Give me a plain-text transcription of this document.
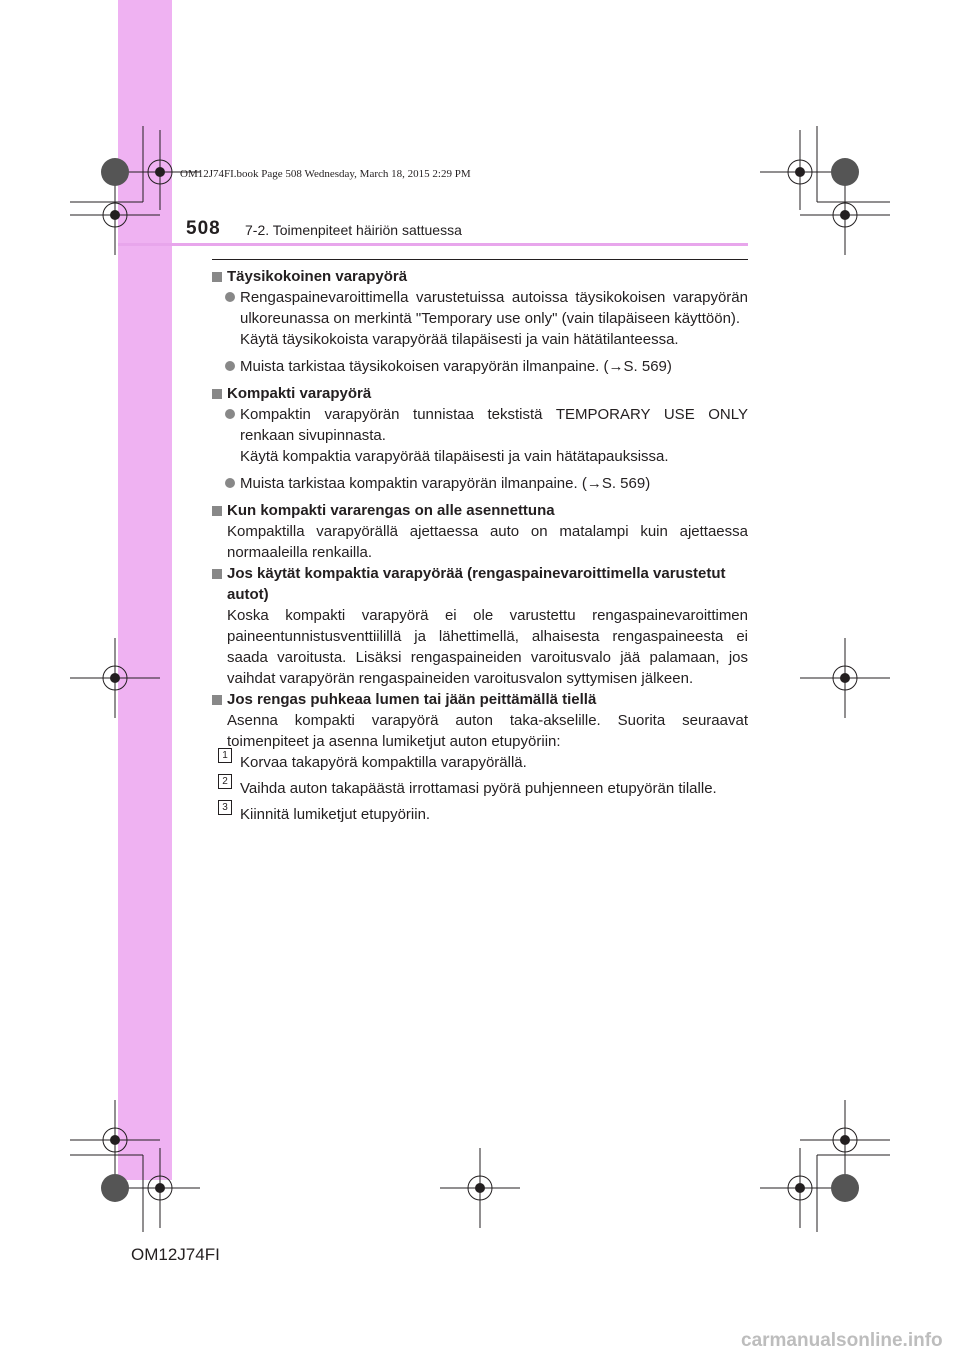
OM12J74FI.book Page 508 Wednesday, March 18, 2015 2:29 PM
508 7-2. Toimenpiteet häiriön sattuessa

Täysikokoinen varapyörä

Rengaspainevaroittimella varustetuissa autoissa täysikokoisen varapyörän ulkoreunassa on merkintä "Temporary use only" (vain tilapäiseen käyttöön).

Käytä täysikokoista varapyörää tilapäisesti ja vain hätätilanteessa.

Muista tarkistaa täysikokoisen varapyörän ilmanpaine. (→S. 569)

Kompakti varapyörä

Kompaktin varapyörän tunnistaa tekstistä TEMPORARY USE ONLY renkaan sivupinnasta.

Käytä kompaktia varapyörää tilapäisesti ja vain hätätapauksissa.

Muista tarkistaa kompaktin varapyörän ilmanpaine. (→S. 569)

Kun kompakti vararengas on alle asennettuna

Kompaktilla varapyörällä ajettaessa auto on matalampi kuin ajettaessa normaaleilla renkailla.

Jos käytät kompaktia varapyörää (rengaspainevaroittimella varustetut autot)

Koska kompakti varapyörä ei ole varustettu rengaspainevaroittimen paineentunnistusventtiilillä ja lähettimellä, alhaisesta rengaspaineesta ei saada varoitusta. Lisäksi rengaspaineiden varoitusvalo jää palamaan, jos vaihdat varapyörän rengaspaineiden varoitusvalon syttymisen jälkeen.

Jos rengas puhkeaa lumen tai jään peittämällä tiellä

Asenna kompakti varapyörä auton taka-akselille. Suorita seuraavat toimenpiteet ja asenna lumiketjut auton etupyöriin:

1 Korvaa takapyörä kompaktilla varapyörällä.
2 Vaihda auton takapäästä irrottamasi pyörä puhjenneen etupyörän tilalle.
3 Kiinnitä lumiketjut etupyöriin.
OM12J74FI
carmanualsonline.info
